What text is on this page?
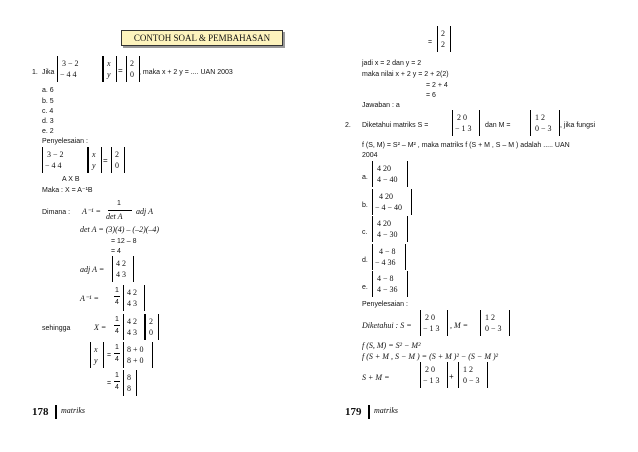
CONTOH SOAL & PEMBAHASAN
1. Jika
3 − 2
− 4 4
x
y =
2
0 , maka x + 2 y = .... UAN 2003
a. 6
b. 5
c. 4
d. 3
e. 2
Penyelesaian :
3 − 2
− 4 4
x
y
=
2
0
A X B
Maka : X = A⁻¹B
Dimana : A⁻¹ =
1
det A
adj A
det A = (3)(4) – (–2)(–4)
= 12 – 8
= 4
adj A =
4 2
4 3
A⁻¹ =
1
4
4 2
4 3
sehingga	X =
1
4
4 2
4 3
2
0
x
y
=
1
4
8 + 0
8 + 0
=
1
4
8
8
178 matriks
=
2
2
jadi x = 2 dan y = 2
maka nilai x + 2 y = 2 + 2(2)
= 2 + 4
= 6
Jawaban : a
2. Diketahui matriks S =
2 0
− 1 3 dan M =
1 2
0 − 3 , jika fungsi
f (S, M) = S² – M² , maka matriks f (S + M , S – M ) adalah ..... UAN
2004
a.
4 20
4 − 40
b.
4 20
− 4 − 40
c.
4 20
4 − 30
d.
4 − 8
− 4 36
e.
4 − 8
4 − 36
Penyelesaian :
Diketahui : S =
2 0
− 1 3 , M =
1 2
0 − 3
f (S, M) = S² − M²
f (S + M , S − M ) = (S + M )² − (S − M )²
S + M =
2 0
− 1 3 +
1 2
0 − 3
179 matriks
